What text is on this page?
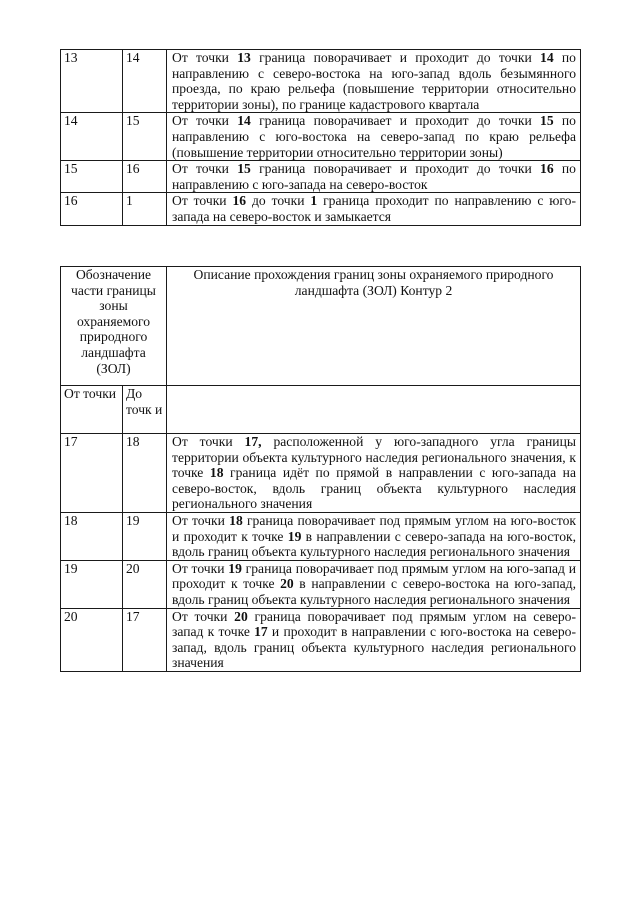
13	14	От точки 13 граница поворачивает и проходит до точки 14 по направлению с северо-востока на юго-запад вдоль безымянного проезда, по краю рельефа (повышение территории относительно территории зоны), по границе кадастрового квартала
14	15	От точки 14 граница поворачивает и проходит до точки 15 по направлению с юго-востока на северо-запад по краю рельефа (повышение территории относительно территории зоны)
15	16	От точки 15 граница поворачивает и проходит до точки 16 по направлению с юго-запада на северо-восток
16	1	От точки 16 до точки 1 граница проходит по направлению с юго-запада на северо-восток и замыкается
Обозначение части границы зоны охраняемого природного ландшафта (ЗОЛ)		Описание прохождения границ зоны охраняемого природного ландшафта (ЗОЛ) Контур 2
От точки	До точк и	
17	18	От точки 17, расположенной у юго-западного угла границы территории объекта культурного наследия регионального значения, к точке 18 граница идёт по прямой в направлении с юго-запада на северо-восток, вдоль границ объекта культурного наследия регионального значения
18	19	От точки 18 граница поворачивает под прямым углом на юго-восток и проходит к точке 19 в направлении с северо-запада на юго-восток, вдоль границ объекта культурного наследия регионального значения
19	20	От точки 19 граница поворачивает под прямым углом на юго-запад и проходит к точке 20 в направлении с северо-востока на юго-запад, вдоль границ объекта культурного наследия регионального значения
20	17	От точки 20 граница поворачивает под прямым углом на северо-запад к точке 17 и проходит в направлении с юго-востока на северо-запад, вдоль границ объекта культурного наследия регионального значения
